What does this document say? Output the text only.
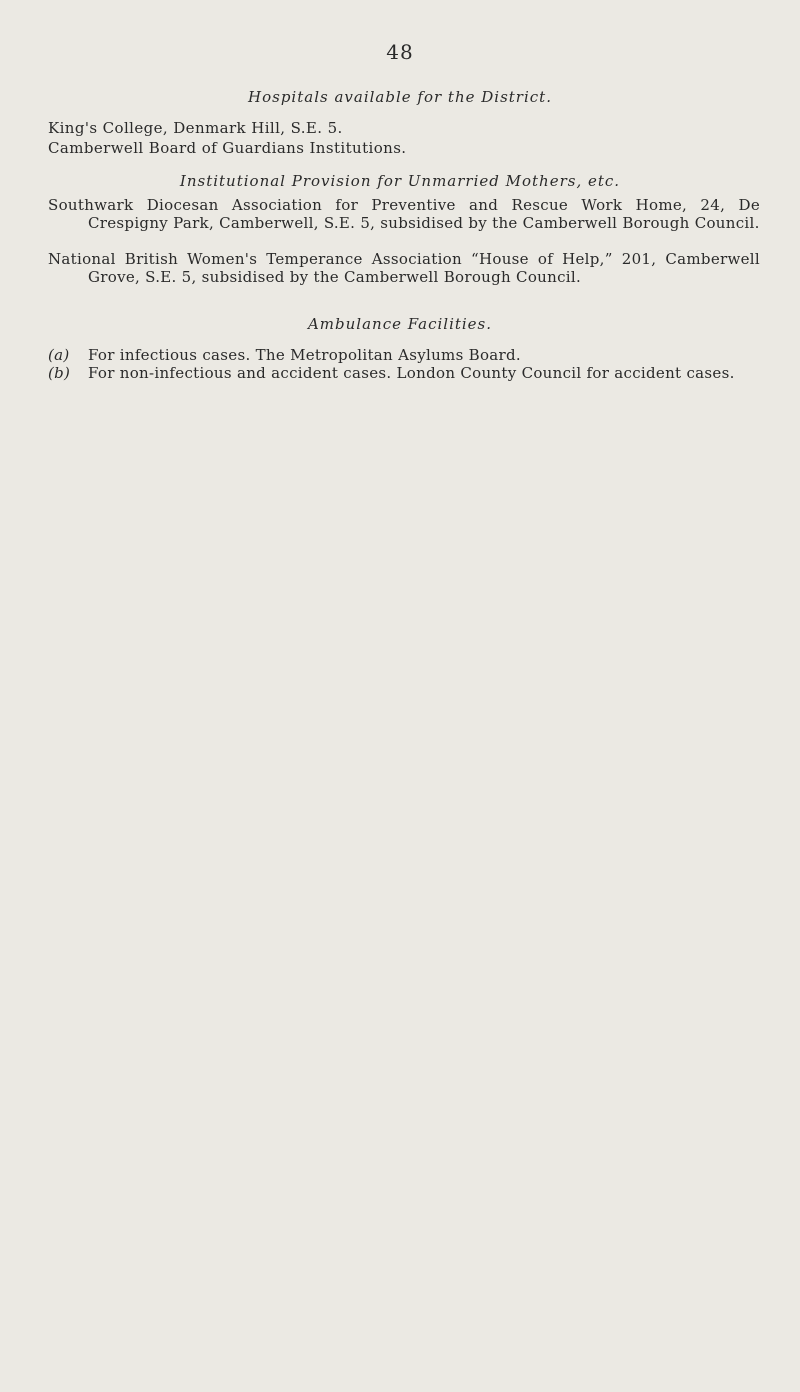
48
Hospitals available for the District.
King's College, Denmark Hill, S.E. 5.
Camberwell Board of Guardians Institutions.
Institutional Provision for Unmarried Mothers, etc.
Southwark Diocesan Association for Preventive and Rescue Work Home, 24, De Crespigny Park, Camberwell, S.E. 5, subsidised by the Camberwell Borough Council.
National British Women's Temperance Association “House of Help,” 201, Camberwell Grove, S.E. 5, subsidised by the Camberwell Borough Council.
Ambulance Facilities.
(a) For infectious cases. The Metropolitan Asylums Board.
(b) For non-infectious and accident cases. London County Council for accident cases.
